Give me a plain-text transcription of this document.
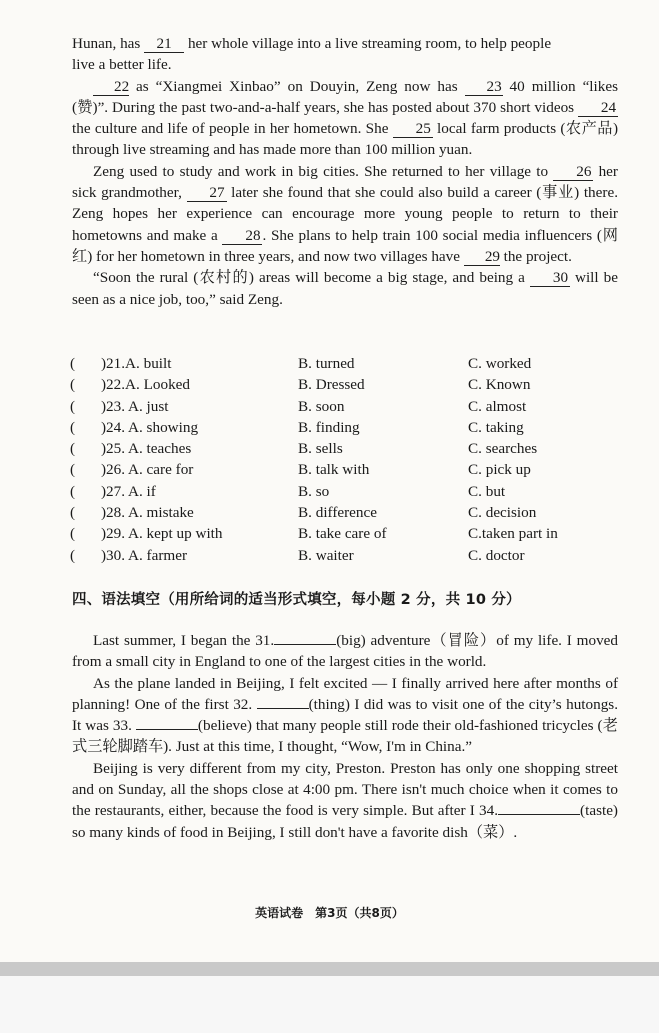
Hunan, has 21 her whole village into a live streaming room, to help people
live a better life.

22 as “Xiangmei Xinbao” on Douyin, Zeng now has 23 40 million “likes (赞)”. During the past two-and-a-half years, she has posted about 370 short videos 24 the culture and life of people in her hometown. She 25 local farm products (农产品) through live streaming and has made more than 100 million yuan.

Zeng used to study and work in big cities. She returned to her village to 26 her sick grandmother, 27 later she found that she could also build a career (事业) there. Zeng hopes her experience can encourage more young people to return to their hometowns and make a 28 . She plans to help train 100 social media influencers (网红) for her hometown in three years, and now two villages have 29 the project.

“Soon the rural (农村的) areas will become a big stage, and being a 30 will be seen as a nice job, too,” said Zeng.

( )21.A. built	B. turned	C. worked
( )22.A. Looked	B. Dressed	C. Known
( )23. A. just	B. soon	C. almost
( )24. A. showing	B. finding	C. taking
( )25. A. teaches	B. sells	C. searches
( )26. A. care for	B. talk with	C. pick up
( )27. A. if	B. so	C. but
( )28. A. mistake	B. difference	C. decision
( )29. A. kept up with	B. take care of	C.taken part in
( )30. A. farmer	B. waiter	C. doctor
四、语法填空（用所给词的适当形式填空，每小题 2 分，共 10 分）

Last summer, I began the 31.	(big) adventure（冒险）of my life. I moved from a small city in England to one of the largest cities in the world.

As the plane landed in Beijing, I felt excited — I finally arrived here after months of planning! One of the first 32.	(thing) I did was to visit one of the city’s hutongs. It was 33.	(believe) that many people still rode their old-fashioned tricycles (老式三轮脚踏车). Just at this time, I thought, “Wow, I'm in China.”

Beijing is very different from my city, Preston. Preston has only one shopping street and on Sunday, all the shops close at 4:00 pm. There isn't much choice when it comes to the restaurants, either, because the food is very simple. But after I 34.	(taste) so many kinds of food in Beijing, I still don't have a favorite dish（菜）.

英语试卷　第3页（共8页）
